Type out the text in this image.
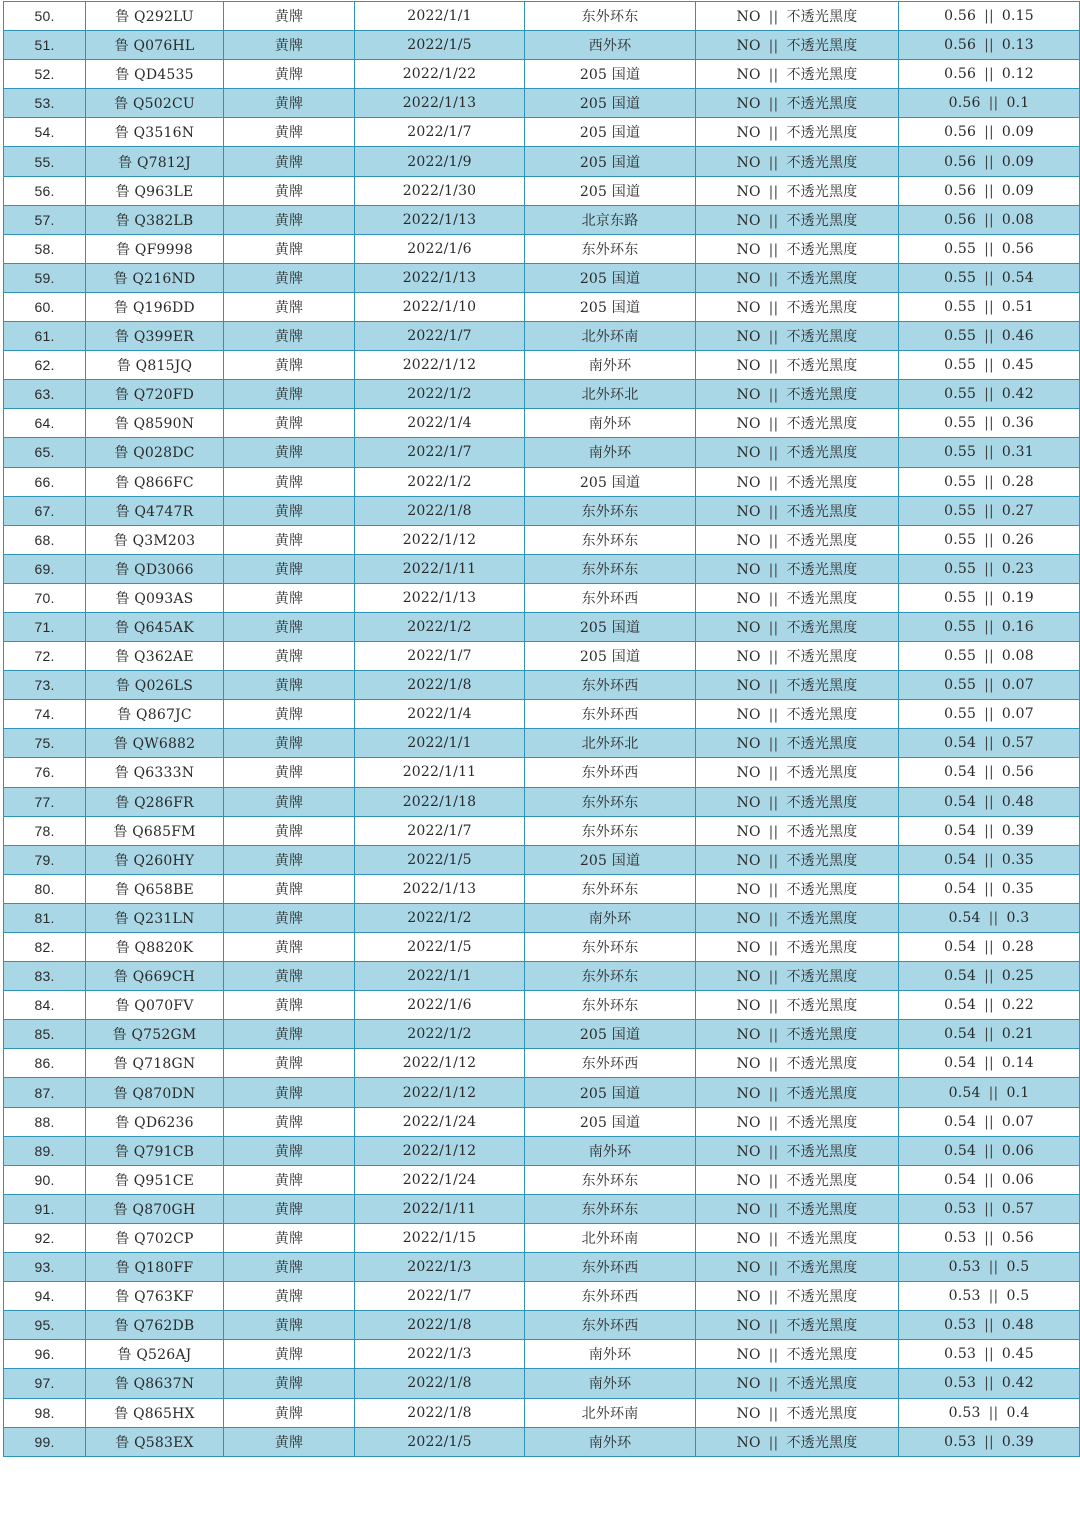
50.	鲁 Q292LU	黄牌	2022/1/1	东外环东	NO || 不透光黑度	0.56 || 0.15
51.	鲁 Q076HL	黄牌	2022/1/5	西外环	NO || 不透光黑度	0.56 || 0.13
52.	鲁 QD4535	黄牌	2022/1/22	205 国道	NO || 不透光黑度	0.56 || 0.12
53.	鲁 Q502CU	黄牌	2022/1/13	205 国道	NO || 不透光黑度	0.56 || 0.1
54.	鲁 Q3516N	黄牌	2022/1/7	205 国道	NO || 不透光黑度	0.56 || 0.09
55.	鲁 Q7812J	黄牌	2022/1/9	205 国道	NO || 不透光黑度	0.56 || 0.09
56.	鲁 Q963LE	黄牌	2022/1/30	205 国道	NO || 不透光黑度	0.56 || 0.09
57.	鲁 Q382LB	黄牌	2022/1/13	北京东路	NO || 不透光黑度	0.56 || 0.08
58.	鲁 QF9998	黄牌	2022/1/6	东外环东	NO || 不透光黑度	0.55 || 0.56
59.	鲁 Q216ND	黄牌	2022/1/13	205 国道	NO || 不透光黑度	0.55 || 0.54
60.	鲁 Q196DD	黄牌	2022/1/10	205 国道	NO || 不透光黑度	0.55 || 0.51
61.	鲁 Q399ER	黄牌	2022/1/7	北外环南	NO || 不透光黑度	0.55 || 0.46
62.	鲁 Q815JQ	黄牌	2022/1/12	南外环	NO || 不透光黑度	0.55 || 0.45
63.	鲁 Q720FD	黄牌	2022/1/2	北外环北	NO || 不透光黑度	0.55 || 0.42
64.	鲁 Q8590N	黄牌	2022/1/4	南外环	NO || 不透光黑度	0.55 || 0.36
65.	鲁 Q028DC	黄牌	2022/1/7	南外环	NO || 不透光黑度	0.55 || 0.31
66.	鲁 Q866FC	黄牌	2022/1/2	205 国道	NO || 不透光黑度	0.55 || 0.28
67.	鲁 Q4747R	黄牌	2022/1/8	东外环东	NO || 不透光黑度	0.55 || 0.27
68.	鲁 Q3M203	黄牌	2022/1/12	东外环东	NO || 不透光黑度	0.55 || 0.26
69.	鲁 QD3066	黄牌	2022/1/11	东外环东	NO || 不透光黑度	0.55 || 0.23
70.	鲁 Q093AS	黄牌	2022/1/13	东外环西	NO || 不透光黑度	0.55 || 0.19
71.	鲁 Q645AK	黄牌	2022/1/2	205 国道	NO || 不透光黑度	0.55 || 0.16
72.	鲁 Q362AE	黄牌	2022/1/7	205 国道	NO || 不透光黑度	0.55 || 0.08
73.	鲁 Q026LS	黄牌	2022/1/8	东外环西	NO || 不透光黑度	0.55 || 0.07
74.	鲁 Q867JC	黄牌	2022/1/4	东外环西	NO || 不透光黑度	0.55 || 0.07
75.	鲁 QW6882	黄牌	2022/1/1	北外环北	NO || 不透光黑度	0.54 || 0.57
76.	鲁 Q6333N	黄牌	2022/1/11	东外环西	NO || 不透光黑度	0.54 || 0.56
77.	鲁 Q286FR	黄牌	2022/1/18	东外环东	NO || 不透光黑度	0.54 || 0.48
78.	鲁 Q685FM	黄牌	2022/1/7	东外环东	NO || 不透光黑度	0.54 || 0.39
79.	鲁 Q260HY	黄牌	2022/1/5	205 国道	NO || 不透光黑度	0.54 || 0.35
80.	鲁 Q658BE	黄牌	2022/1/13	东外环东	NO || 不透光黑度	0.54 || 0.35
81.	鲁 Q231LN	黄牌	2022/1/2	南外环	NO || 不透光黑度	0.54 || 0.3
82.	鲁 Q8820K	黄牌	2022/1/5	东外环东	NO || 不透光黑度	0.54 || 0.28
83.	鲁 Q669CH	黄牌	2022/1/1	东外环东	NO || 不透光黑度	0.54 || 0.25
84.	鲁 Q070FV	黄牌	2022/1/6	东外环东	NO || 不透光黑度	0.54 || 0.22
85.	鲁 Q752GM	黄牌	2022/1/2	205 国道	NO || 不透光黑度	0.54 || 0.21
86.	鲁 Q718GN	黄牌	2022/1/12	东外环西	NO || 不透光黑度	0.54 || 0.14
87.	鲁 Q870DN	黄牌	2022/1/12	205 国道	NO || 不透光黑度	0.54 || 0.1
88.	鲁 QD6236	黄牌	2022/1/24	205 国道	NO || 不透光黑度	0.54 || 0.07
89.	鲁 Q791CB	黄牌	2022/1/12	南外环	NO || 不透光黑度	0.54 || 0.06
90.	鲁 Q951CE	黄牌	2022/1/24	东外环东	NO || 不透光黑度	0.54 || 0.06
91.	鲁 Q870GH	黄牌	2022/1/11	东外环东	NO || 不透光黑度	0.53 || 0.57
92.	鲁 Q702CP	黄牌	2022/1/15	北外环南	NO || 不透光黑度	0.53 || 0.56
93.	鲁 Q180FF	黄牌	2022/1/3	东外环西	NO || 不透光黑度	0.53 || 0.5
94.	鲁 Q763KF	黄牌	2022/1/7	东外环西	NO || 不透光黑度	0.53 || 0.5
95.	鲁 Q762DB	黄牌	2022/1/8	东外环西	NO || 不透光黑度	0.53 || 0.48
96.	鲁 Q526AJ	黄牌	2022/1/3	南外环	NO || 不透光黑度	0.53 || 0.45
97.	鲁 Q8637N	黄牌	2022/1/8	南外环	NO || 不透光黑度	0.53 || 0.42
98.	鲁 Q865HX	黄牌	2022/1/8	北外环南	NO || 不透光黑度	0.53 || 0.4
99.	鲁 Q583EX	黄牌	2022/1/5	南外环	NO || 不透光黑度	0.53 || 0.39
